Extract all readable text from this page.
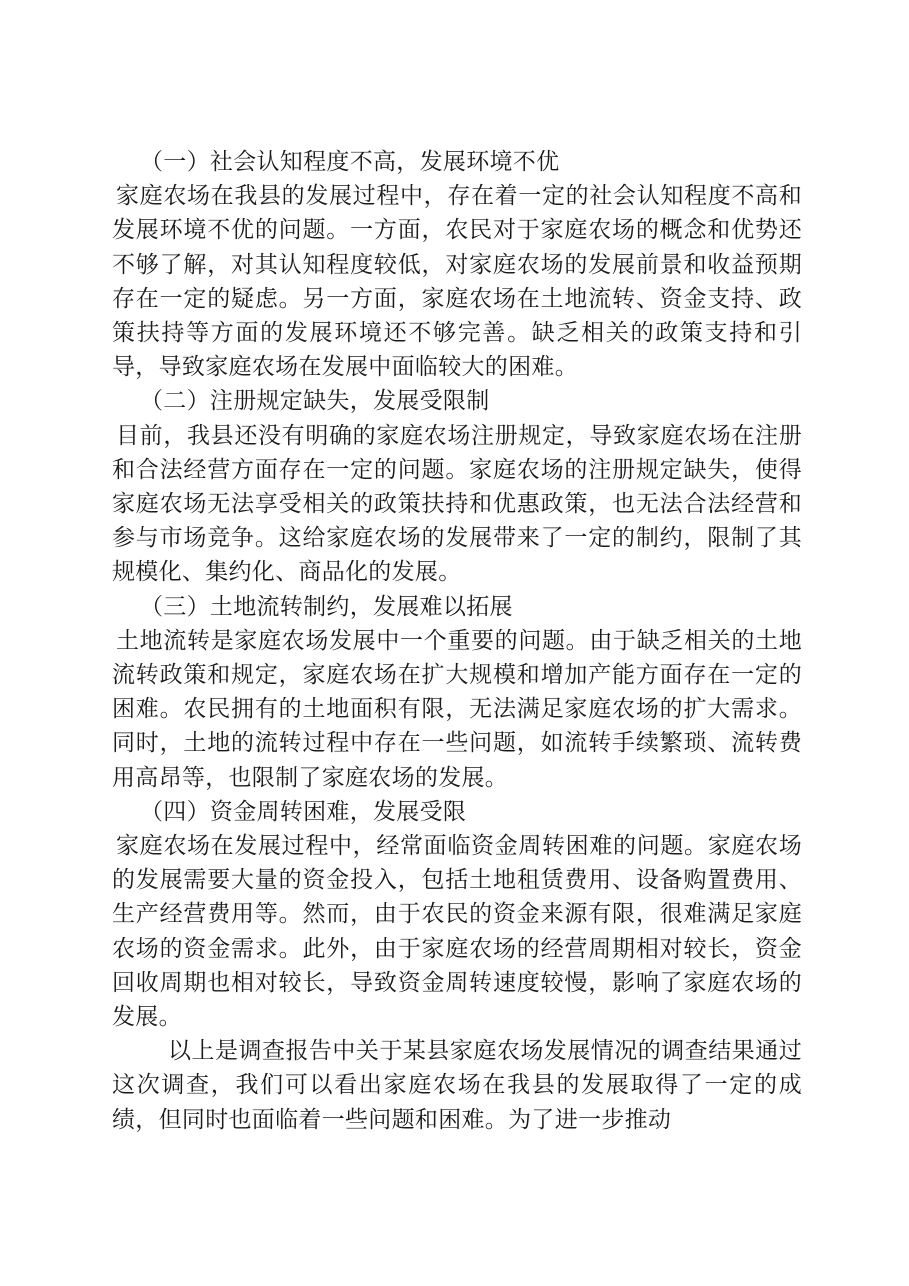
（一）社会认知程度不高，发展环境不优

家庭农场在我县的发展过程中，存在着一定的社会认知程度不高和发展环境不优的问题。一方面，农民对于家庭农场的概念和优势还不够了解，对其认知程度较低，对家庭农场的发展前景和收益预期存在一定的疑虑。另一方面，家庭农场在土地流转、资金支持、政策扶持等方面的发展环境还不够完善。缺乏相关的政策支持和引导，导致家庭农场在发展中面临较大的困难。

（二）注册规定缺失，发展受限制

目前，我县还没有明确的家庭农场注册规定，导致家庭农场在注册和合法经营方面存在一定的问题。家庭农场的注册规定缺失，使得家庭农场无法享受相关的政策扶持和优惠政策，也无法合法经营和参与市场竞争。这给家庭农场的发展带来了一定的制约，限制了其规模化、集约化、商品化的发展。

（三）土地流转制约，发展难以拓展

土地流转是家庭农场发展中一个重要的问题。由于缺乏相关的土地流转政策和规定，家庭农场在扩大规模和增加产能方面存在一定的困难。农民拥有的土地面积有限，无法满足家庭农场的扩大需求。同时，土地的流转过程中存在一些问题，如流转手续繁琐、流转费用高昂等，也限制了家庭农场的发展。

（四）资金周转困难，发展受限

家庭农场在发展过程中，经常面临资金周转困难的问题。家庭农场的发展需要大量的资金投入，包括土地租赁费用、设备购置费用、生产经营费用等。然而，由于农民的资金来源有限，很难满足家庭农场的资金需求。此外，由于家庭农场的经营周期相对较长，资金回收周期也相对较长，导致资金周转速度较慢，影响了家庭农场的发展。

以上是调查报告中关于某县家庭农场发展情况的调查结果通过这次调查，我们可以看出家庭农场在我县的发展取得了一定的成绩，但同时也面临着一些问题和困难。为了进一步推动
